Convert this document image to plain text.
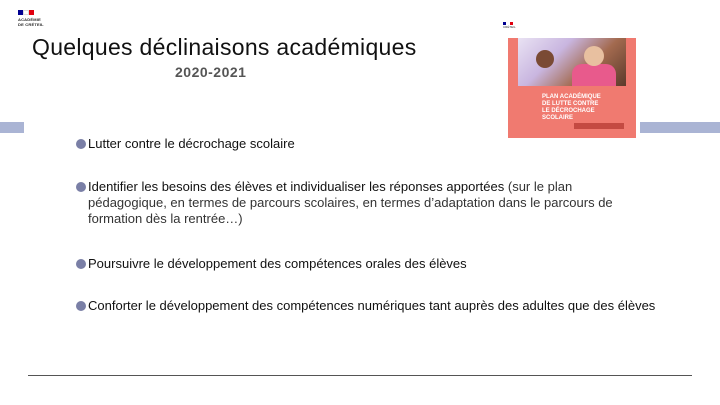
ACADÉMIE
DE CRÉTEIL
Quelques déclinaisons académiques
2020-2021
CRÉTEIL
PLAN ACADÉMIQUE
DE LUTTE CONTRE
LE DÉCROCHAGE
SCOLAIRE
Lutter contre le décrochage scolaire
Identifier les besoins des élèves et individualiser les réponses apportées (sur le plan pédagogique, en termes de parcours scolaires, en termes d’adaptation dans le parcours de formation dès la rentrée…)
Poursuivre le développement des compétences orales des élèves
Conforter le développement des compétences numériques tant auprès des adultes que des élèves
